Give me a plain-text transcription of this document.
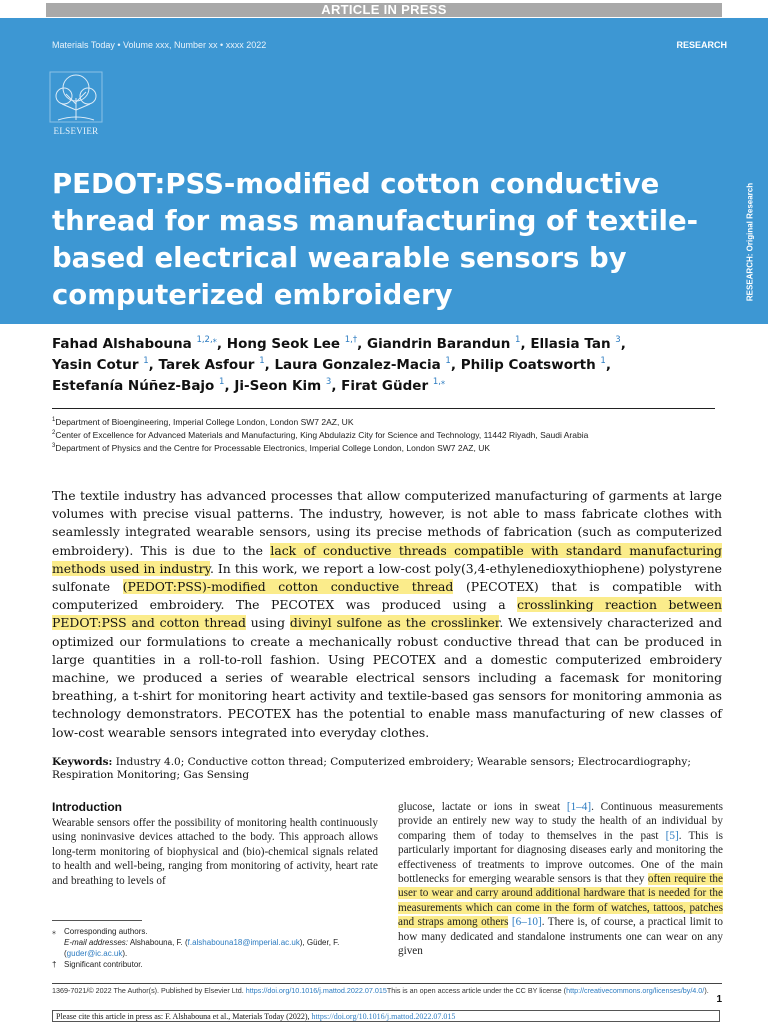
ARTICLE IN PRESS
Materials Today • Volume xxx, Number xx • xxxx 2022	RESEARCH
ELSEVIER
PEDOT:PSS-modified cotton conductive thread for mass manufacturing of textile-based electrical wearable sensors by computerized embroidery	RESEARCH: Original Research
Fahad Alshabouna $^{1,2,⁎}$, Hong Seok Lee $^{1,\dagger}$, Giandrin Barandun $^1$, Ellasia Tan $^3$,
Yasin Cotur $^1$, Tarek Asfour $^1$, Laura Gonzalez-Macia $^1$, Philip Coatsworth $^1$,
Estefanía Núñez-Bajo $^1$, Ji-Seon Kim $^3$, Firat Güder $^{1,⁎}$
$^1$Department of Bioengineering, Imperial College London, London SW7 2AZ, UK
$^2$Center of Excellence for Advanced Materials and Manufacturing, King Abdulaziz City for Science and Technology, 11442 Riyadh, Saudi Arabia
$^3$Department of Physics and the Centre for Processable Electronics, Imperial College London, London SW7 2AZ, UK

The textile industry has advanced processes that allow computerized manufacturing of garments at large volumes with precise visual patterns. The industry, however, is not able to mass fabricate clothes with seamlessly integrated wearable sensors, using its precise methods of fabrication (such as computerized embroidery). This is due to the lack of conductive threads compatible with standard manufacturing methods used in industry. In this work, we report a low-cost poly(3,4-ethylenedioxythiophene) polystyrene sulfonate (PEDOT:PSS)-modified cotton conductive thread (PECOTEX) that is compatible with computerized embroidery. The PECOTEX was produced using a crosslinking reaction between PEDOT:PSS and cotton thread using divinyl sulfone as the crosslinker. We extensively characterized and optimized our formulations to create a mechanically robust conductive thread that can be produced in large quantities in a roll-to-roll fashion. Using PECOTEX and a domestic computerized embroidery machine, we produced a series of wearable electrical sensors including a facemask for monitoring breathing, a t-shirt for monitoring heart activity and textile-based gas sensors for monitoring ammonia as technology demonstrators. PECOTEX has the potential to enable mass manufacturing of new classes of low-cost wearable sensors integrated into everyday clothes.

Keywords: Industry 4.0; Conductive cotton thread; Computerized embroidery; Wearable sensors; Electrocardiography; Respiration Monitoring; Gas Sensing

Introduction

Wearable sensors offer the possibility of monitoring health continuously using noninvasive devices attached to the body. This approach allows long-term monitoring of biophysical and (bio)-chemical signals related to health and well-being, ranging from monitoring of activity, heart rate and breathing to levels of

glucose, lactate or ions in sweat [1–4]. Continuous measurements provide an entirely new way to study the health of an individual by comparing them of today to themselves in the past [5]. This is particularly important for diagnosing diseases early and monitoring the effectiveness of treatments to improve outcomes. One of the main bottlenecks for emerging wearable sensors is that they often require the user to wear and carry around additional hardware that is needed for the measurements which can come in the form of watches, tattoos, patches and straps among others [6–10]. There is, of course, a practical limit to how many dedicated and standalone instruments one can wear on any given

⁎ Corresponding authors.
E-mail addresses: Alshabouna, F. (f.alshabouna18@imperial.ac.uk), Güder, F. (guder@ic.ac.uk).
† Significant contributor.
1369-7021/© 2022 The Author(s). Published by Elsevier Ltd. https://doi.org/10.1016/j.mattod.2022.07.015This is an open access article under the CC BY license (http://creativecommons.org/licenses/by/4.0/).
1
Please cite this article in press as: F. Alshabouna et al., Materials Today (2022), https://doi.org/10.1016/j.mattod.2022.07.015
